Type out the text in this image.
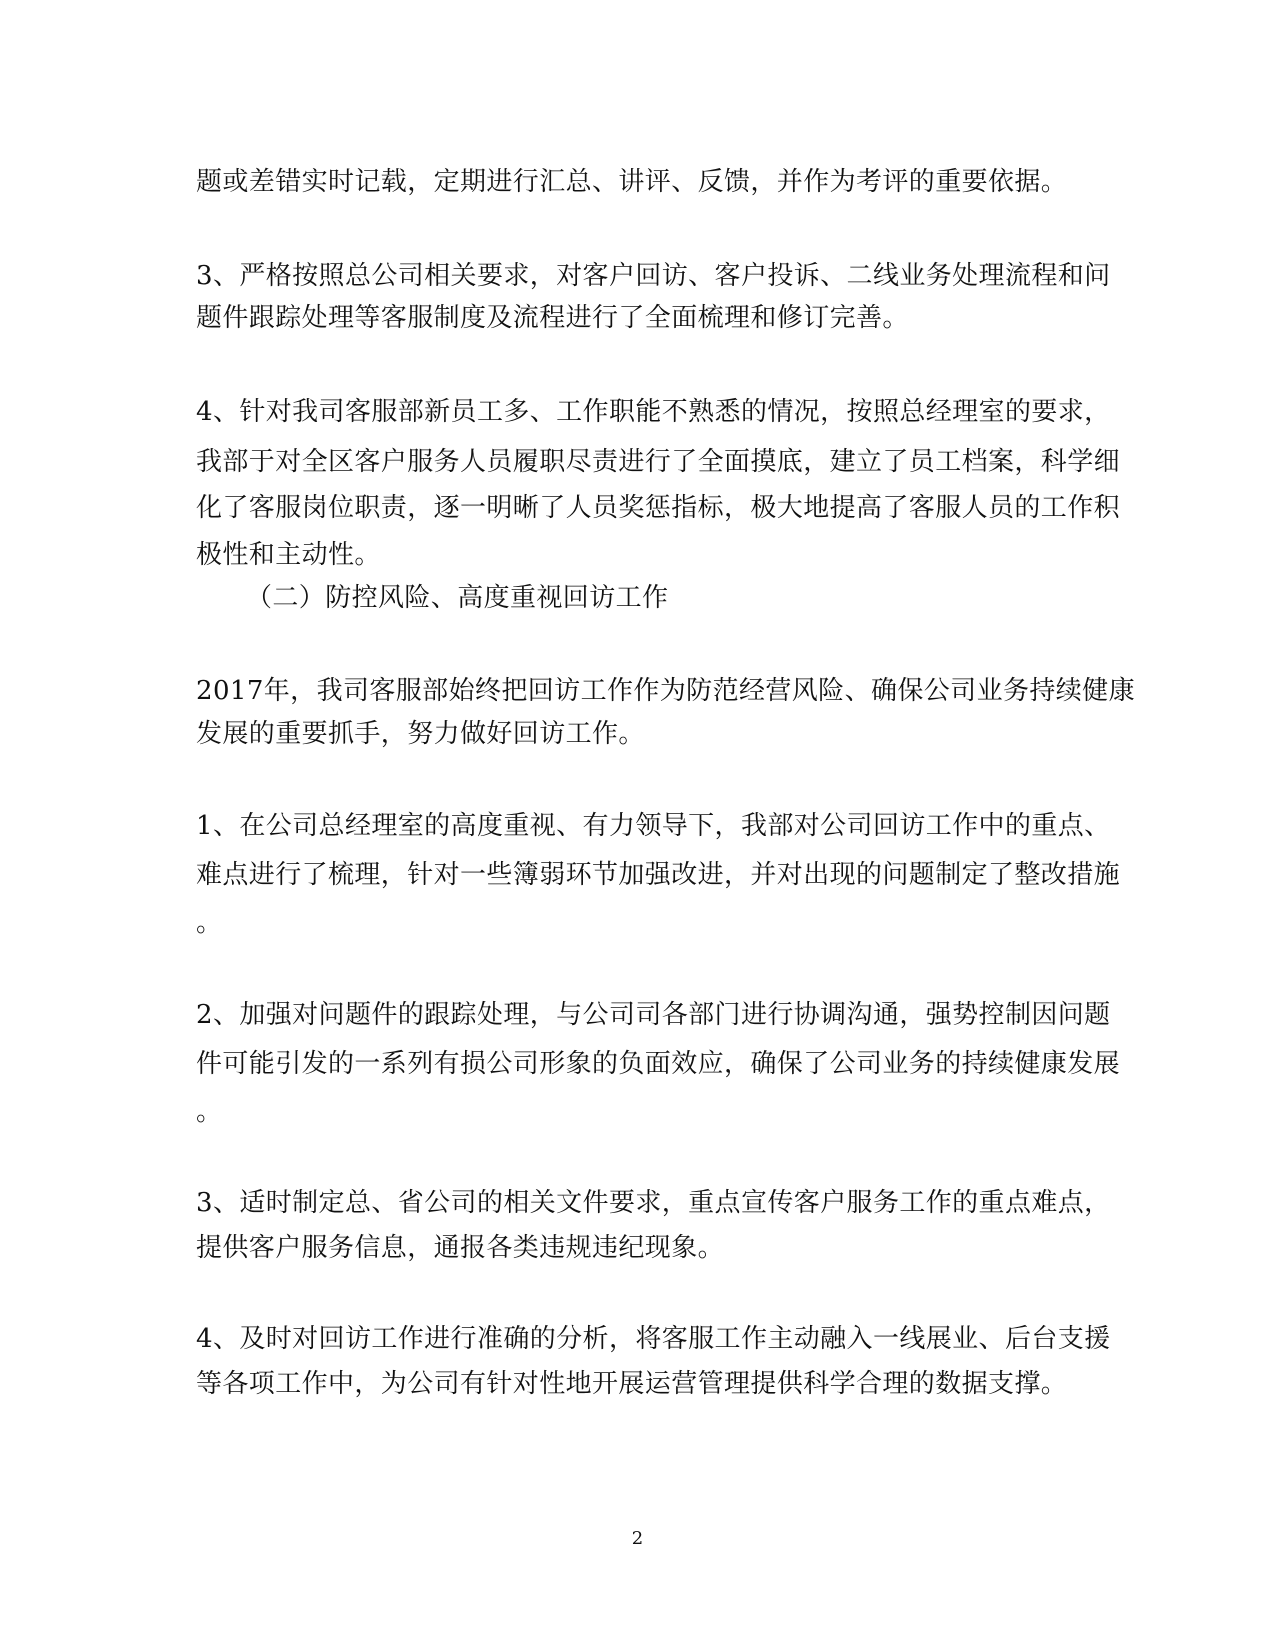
题或差错实时记载，定期进行汇总、讲评、反馈，并作为考评的重要依据。
3、严格按照总公司相关要求，对客户回访、客户投诉、二线业务处理流程和问
题件跟踪处理等客服制度及流程进行了全面梳理和修订完善。
4、针对我司客服部新员工多、工作职能不熟悉的情况，按照总经理室的要求，
我部于对全区客户服务人员履职尽责进行了全面摸底，建立了员工档案，科学细
化了客服岗位职责，逐一明晰了人员奖惩指标，极大地提高了客服人员的工作积
极性和主动性。
（二）防控风险、高度重视回访工作
2017年，我司客服部始终把回访工作作为防范经营风险、确保公司业务持续健康
发展的重要抓手，努力做好回访工作。
1、在公司总经理室的高度重视、有力领导下，我部对公司回访工作中的重点、
难点进行了梳理，针对一些簿弱环节加强改进，并对出现的问题制定了整改措施
。
2、加强对问题件的跟踪处理，与公司司各部门进行协调沟通，强势控制因问题
件可能引发的一系列有损公司形象的负面效应，确保了公司业务的持续健康发展
。
3、适时制定总、省公司的相关文件要求，重点宣传客户服务工作的重点难点，
提供客户服务信息，通报各类违规违纪现象。
4、及时对回访工作进行准确的分析，将客服工作主动融入一线展业、后台支援
等各项工作中，为公司有针对性地开展运营管理提供科学合理的数据支撑。
2
